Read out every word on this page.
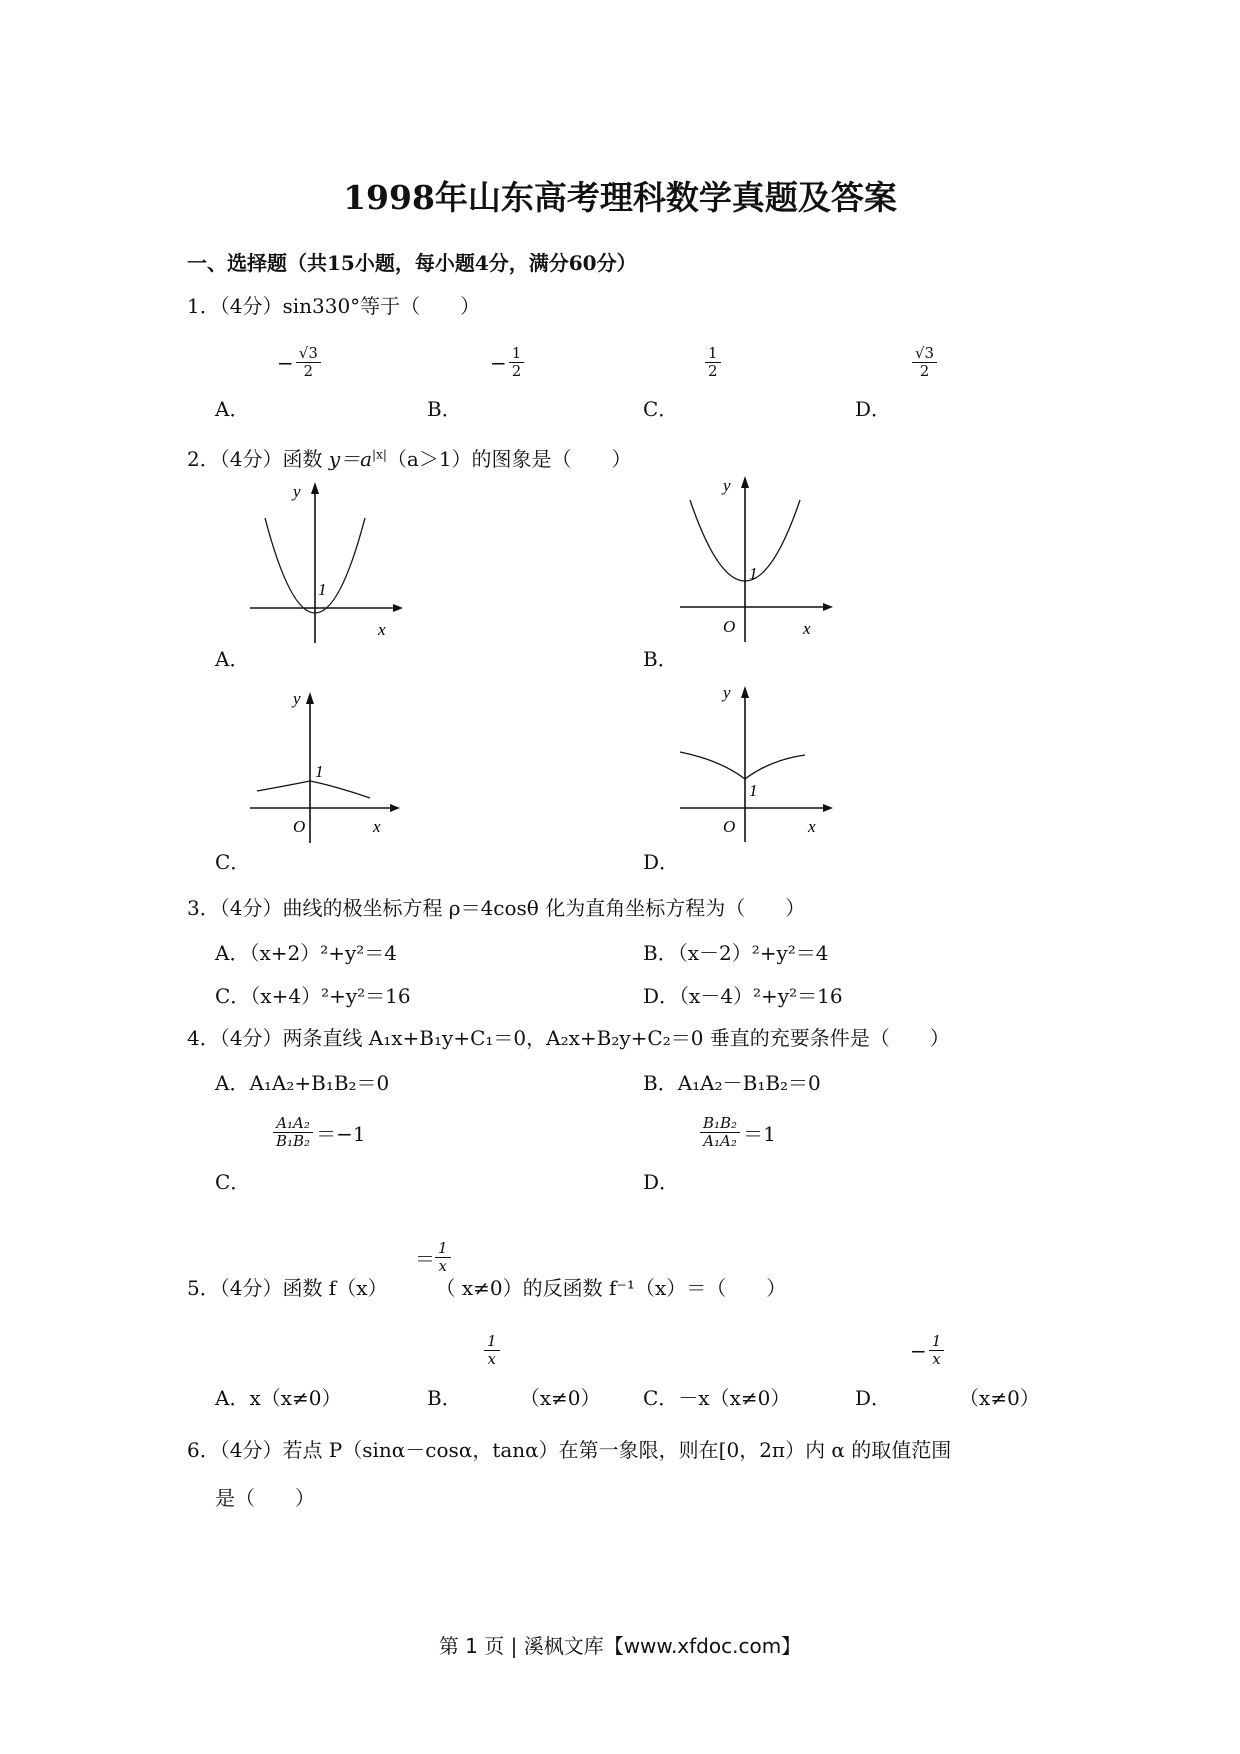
1998年山东高考理科数学真题及答案
一、选择题（共15小题，每小题4分，满分60分）
1．（4分）sin330°等于（　　）
− $\frac{√3}{2}$	− $\frac{1}{2}$	$\frac{1}{2}$	$\frac{√3}{2}$
A．	B．	C．	D．
2．（4分）函数 $y=a^{|x|}(a>1)$的图象是（　　）
y
x
1
A．
y
x
O
1
B．
y
x
O
1
C．
y
x
O
1
D．
3．（4分）曲线的极坐标方程 ρ＝4cosθ 化为直角坐标方程为（　　）
A．（x+2）²+y²＝4	B．（x－2）²+y²＝4
C．（x+4）²+y²＝16	D．（x－4）²+y²＝16
4．（4分）两条直线 A₁x+B₁y+C₁＝0，A₂x+B₂y+C₂＝0 垂直的充要条件是（　　）
A．A₁A₂+B₁B₂＝0	B．A₁A₂－B₁B₂＝0
$\frac{\text{A₁A₂}}{\text{B₁B₂}} =-1$	$\frac{\text{B₁B₂}}{\text{A₁A₂}} =1$
C．	D．
＝ $\frac{1}{x}$
5．（4分）函数 f（x） （ x≠0）的反函数 f⁻¹（x）＝（　　）
$\frac{1}{x}$	− $\frac{1}{x}$
A．x（x≠0）	B．	（x≠0） C．－x（x≠0）	D．	（x≠0）
6．（4分）若点 P（sinα－cosα，tanα）在第一象限，则在[0，2π）内 α 的取值范围
是（　　）
第 1 页 | 溪枫文库【www.xfdoc.com】
